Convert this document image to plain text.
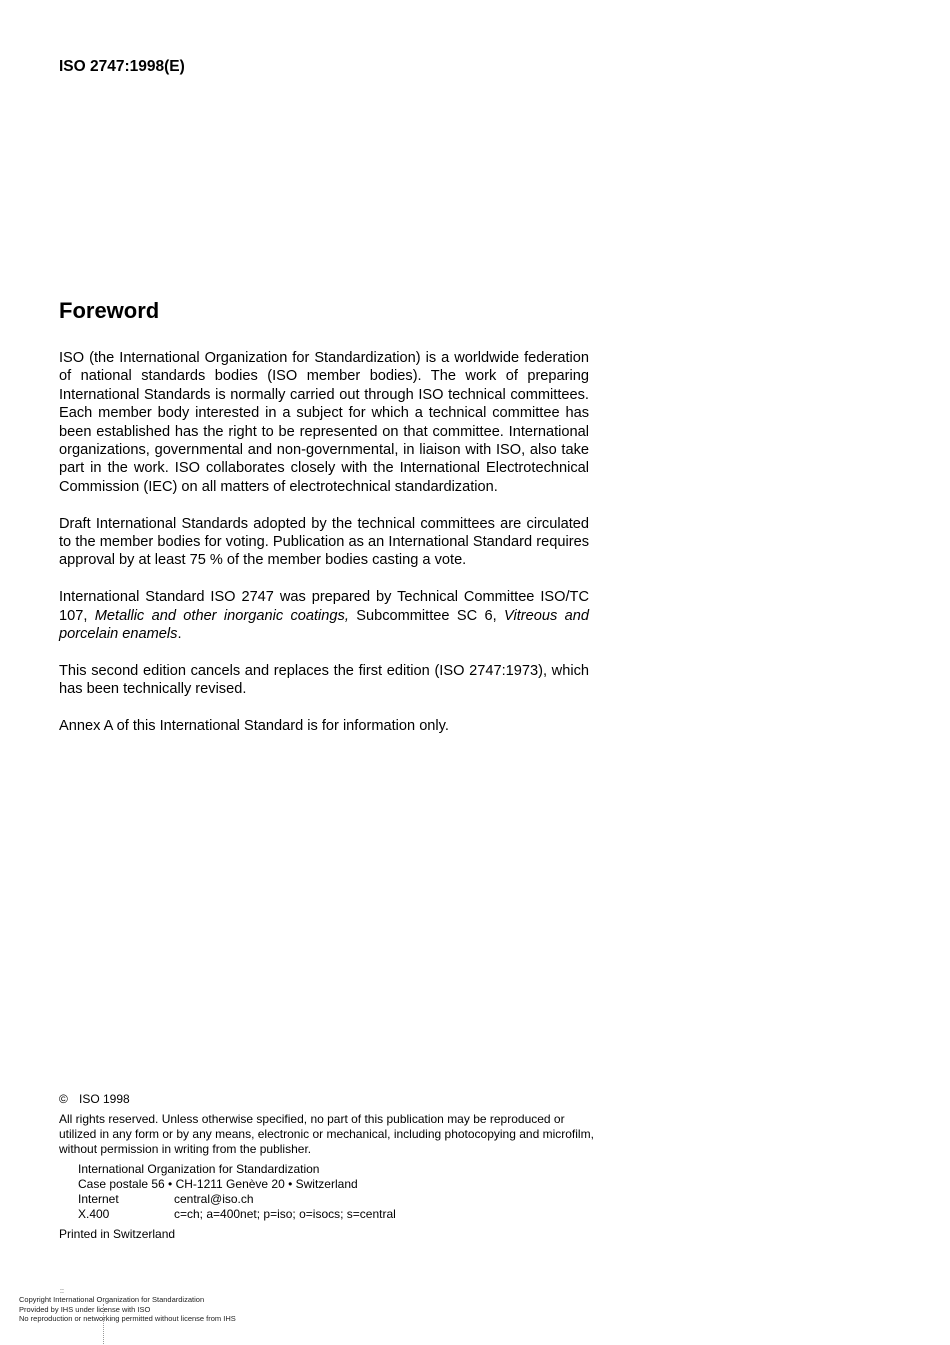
ISO 2747:1998(E)
Foreword

ISO (the International Organization for Standardization) is a worldwide federation of national standards bodies (ISO member bodies). The work of preparing International Standards is normally carried out through ISO technical committees. Each member body interested in a subject for which a technical committee has been established has the right to be represented on that committee. International organizations, governmental and non-governmental, in liaison with ISO, also take part in the work. ISO collaborates closely with the International Electrotechnical Commission (IEC) on all matters of electrotechnical standardization.

Draft International Standards adopted by the technical committees are circulated to the member bodies for voting. Publication as an International Standard requires approval by at least 75 % of the member bodies casting a vote.

International Standard ISO 2747 was prepared by Technical Committee ISO/TC 107, Metallic and other inorganic coatings, Subcommittee SC 6, Vitreous and porcelain enamels.

This second edition cancels and replaces the first edition (ISO 2747:1973), which has been technically revised.

Annex A of this International Standard is for information only.

© ISO 1998
All rights reserved. Unless otherwise specified, no part of this publication may be reproduced or utilized in any form or by any means, electronic or mechanical, including photocopying and microfilm, without permission in writing from the publisher.
International Organization for Standardization
Case postale 56 • CH-1211 Genève 20 • Switzerland
Internet	central@iso.ch
X.400	c=ch; a=400net; p=iso; o=isocs; s=central
Printed in Switzerland
::
Copyright International Organization for Standardization
Provided by IHS under license with ISO
No reproduction or networking permitted without license from IHS
